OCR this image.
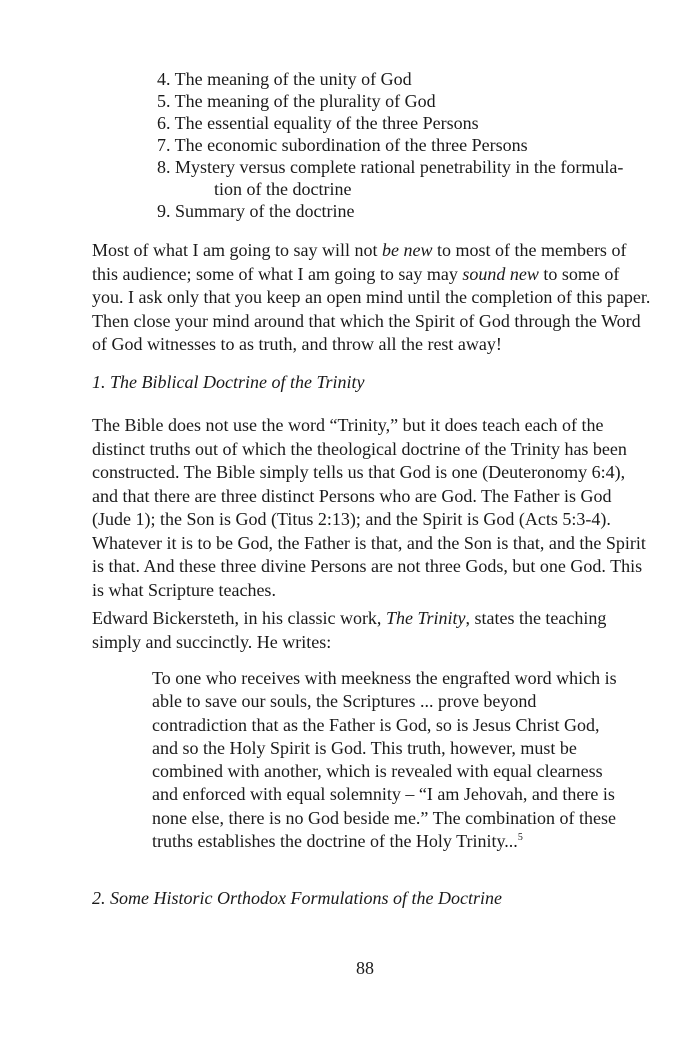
4. The meaning of the unity of God
5. The meaning of the plurality of God
6. The essential equality of the three Persons
7. The economic subordination of the three Persons
8. Mystery versus complete rational penetrability in the formula-
tion of the doctrine
9. Summary of the doctrine

Most of what I am going to say will not be new to most of the members of this audience; some of what I am going to say may sound new to some of you. I ask only that you keep an open mind until the completion of this paper. Then close your mind around that which the Spirit of God through the Word of God witnesses to as truth, and throw all the rest away!

1. The Biblical Doctrine of the Trinity

The Bible does not use the word “Trinity,” but it does teach each of the distinct truths out of which the theological doctrine of the Trinity has been constructed. The Bible simply tells us that God is one (Deuteronomy 6:4), and that there are three distinct Persons who are God. The Father is God (Jude 1); the Son is God (Titus 2:13); and the Spirit is God (Acts 5:3-4). Whatever it is to be God, the Father is that, and the Son is that, and the Spirit is that. And these three divine Persons are not three Gods, but one God. This is what Scripture teaches.

Edward Bickersteth, in his classic work, The Trinity, states the teaching simply and succinctly. He writes:

To one who receives with meekness the engrafted word which is able to save our souls, the Scriptures ... prove beyond contradiction that as the Father is God, so is Jesus Christ God, and so the Holy Spirit is God. This truth, however, must be combined with another, which is revealed with equal clearness and enforced with equal solemnity – “I am Jehovah, and there is none else, there is no God beside me.” The combination of these truths establishes the doctrine of the Holy Trinity...$^5$
2. Some Historic Orthodox Formulations of the Doctrine
88
